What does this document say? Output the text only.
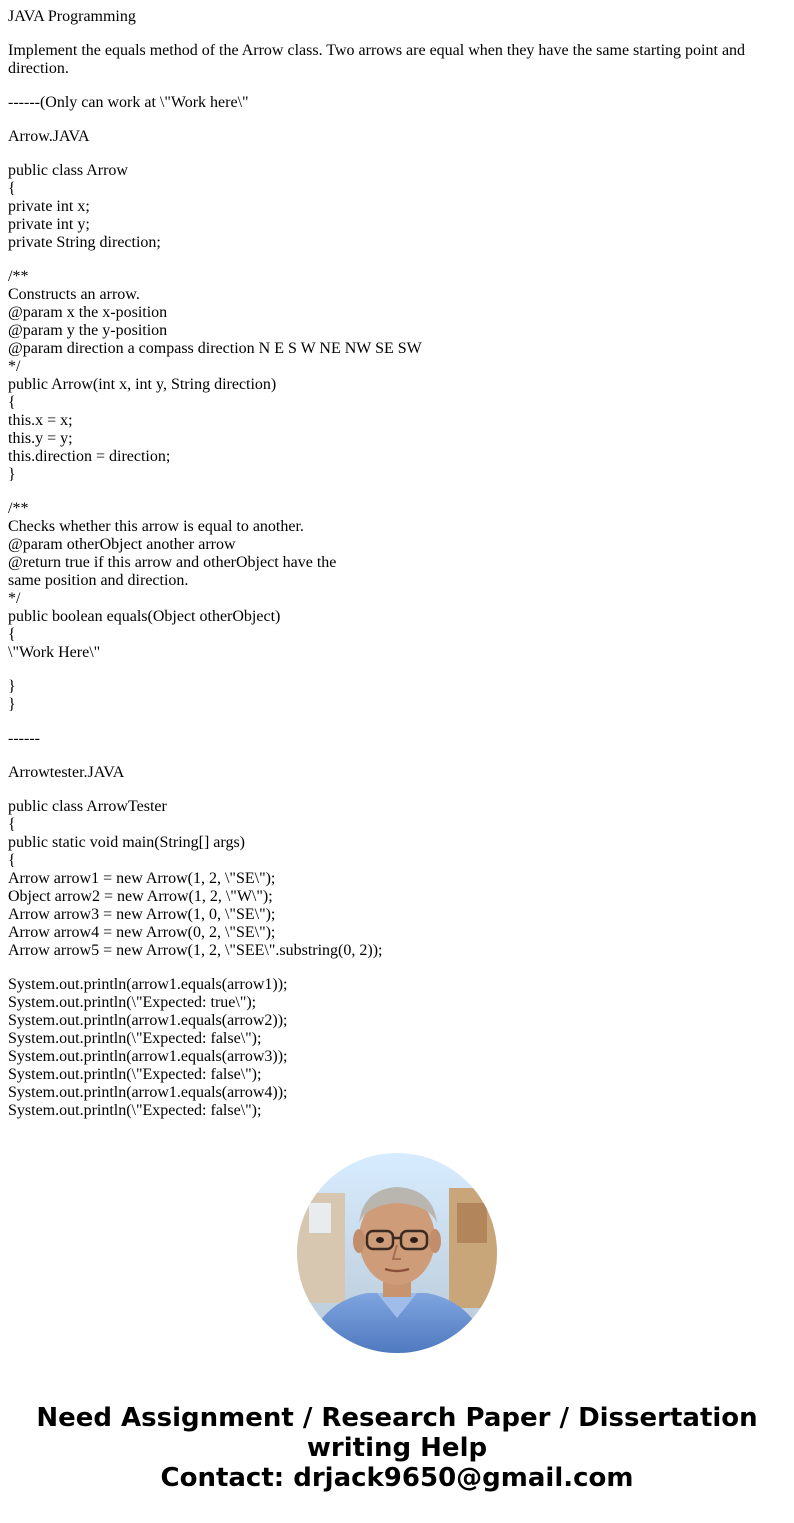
JAVA Programming

Implement the equals method of the Arrow class. Two arrows are equal when they have the same starting point and direction.

------(Only can work at \"Work here\"

Arrow.JAVA

public class Arrow
{
private int x;
private int y;
private String direction;

/**
Constructs an arrow.
@param x the x-position
@param y the y-position
@param direction a compass direction N E S W NE NW SE SW
*/
public Arrow(int x, int y, String direction)
{
this.x = x;
this.y = y;
this.direction = direction;
}

/**
Checks whether this arrow is equal to another.
@param otherObject another arrow
@return true if this arrow and otherObject have the
same position and direction.
*/
public boolean equals(Object otherObject)
{
\"Work Here\"

}
}

------

Arrowtester.JAVA

public class ArrowTester
{
public static void main(String[] args)
{
Arrow arrow1 = new Arrow(1, 2, \"SE\");
Object arrow2 = new Arrow(1, 2, \"W\");
Arrow arrow3 = new Arrow(1, 0, \"SE\");
Arrow arrow4 = new Arrow(0, 2, \"SE\");
Arrow arrow5 = new Arrow(1, 2, \"SEE\".substring(0, 2));

System.out.println(arrow1.equals(arrow1));
System.out.println(\"Expected: true\");
System.out.println(arrow1.equals(arrow2));
System.out.println(\"Expected: false\");
System.out.println(arrow1.equals(arrow3));
System.out.println(\"Expected: false\");
System.out.println(arrow1.equals(arrow4));
System.out.println(\"Expected: false\");

Need Assignment / Research Paper / Dissertation
writing Help
Contact: drjack9650@gmail.com
